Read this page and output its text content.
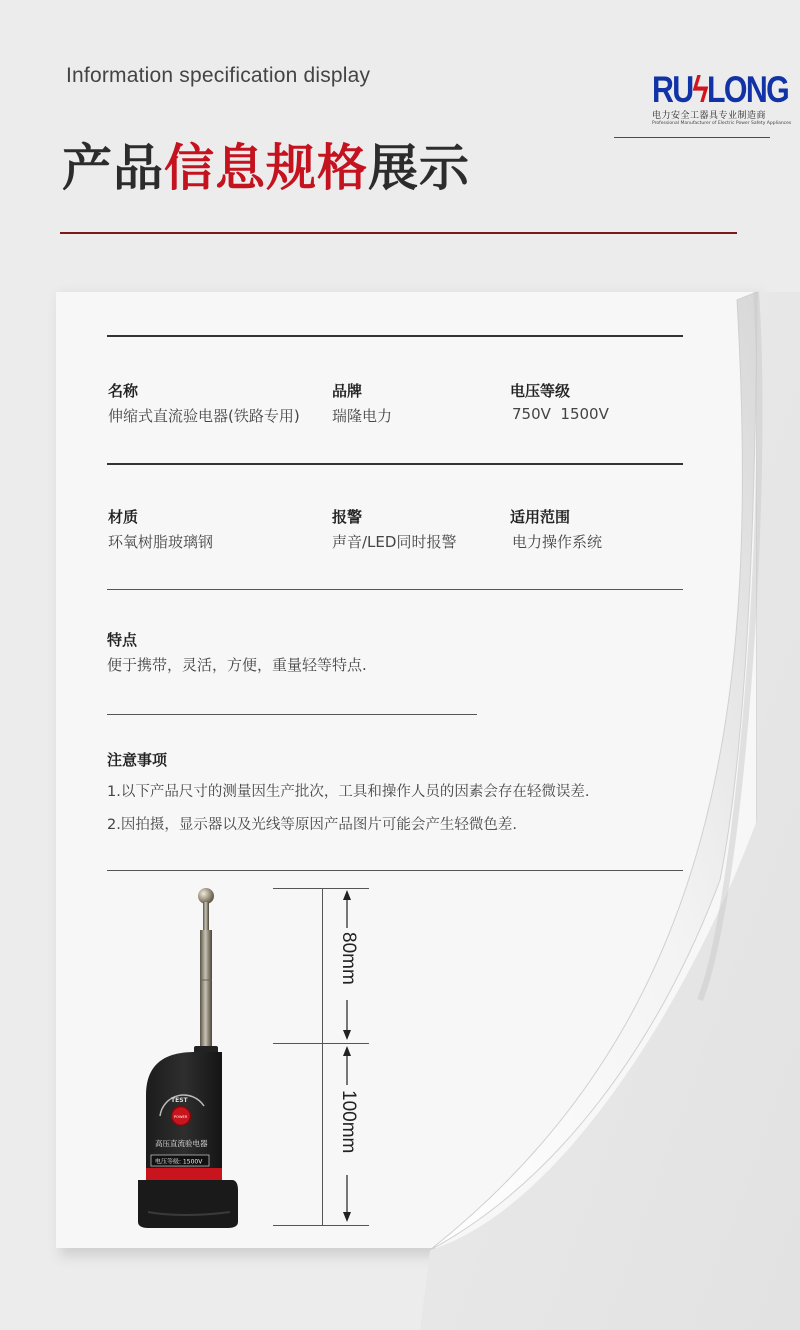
Information specification display
产品信息规格展示
RUϟLONG
电力安全工器具专业制造商
Professional Manufacturer of Electric Power Safety Appliances
名称
伸缩式直流验电器(铁路专用)
品牌
瑞隆电力
电压等级
750V  1500V
材质
环氧树脂玻璃钢
报警
声音/LED同时报警
适用范围
电力操作系统
特点
便于携带，灵活，方便，重量轻等特点.
注意事项
1.以下产品尺寸的测量因生产批次，工具和操作人员的因素会存在轻微误差.
2.因拍摄，显示器以及光线等原因产品图片可能会产生轻微色差.
TEST
POWER
高压直流验电器
电压等级: 1500V
80mm
100mm
